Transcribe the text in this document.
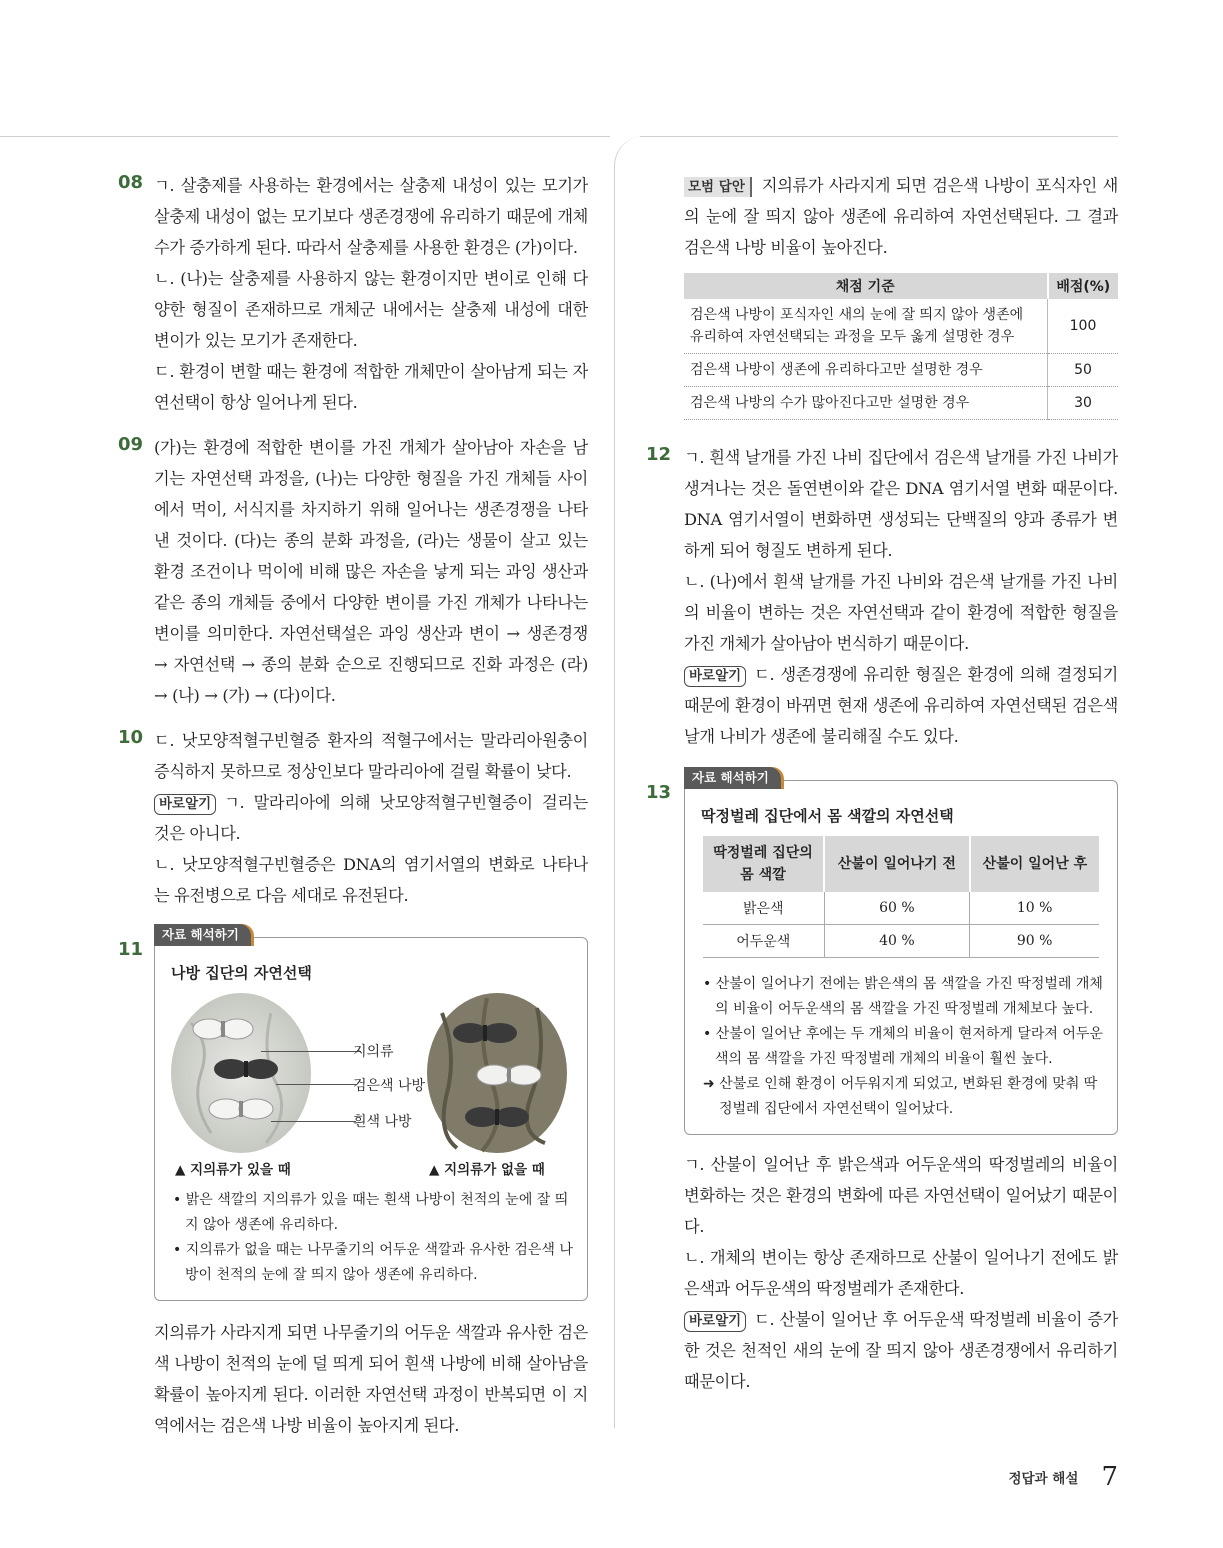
08 ㄱ. 살충제를 사용하는 환경에서는 살충제 내성이 있는 모기가 살충제 내성이 없는 모기보다 생존경쟁에 유리하기 때문에 개체 수가 증가하게 된다. 따라서 살충제를 사용한 환경은 (가)이다.

ㄴ. (나)는 살충제를 사용하지 않는 환경이지만 변이로 인해 다양한 형질이 존재하므로 개체군 내에서는 살충제 내성에 대한 변이가 있는 모기가 존재한다.

ㄷ. 환경이 변할 때는 환경에 적합한 개체만이 살아남게 되는 자연선택이 항상 일어나게 된다.

09 (가)는 환경에 적합한 변이를 가진 개체가 살아남아 자손을 남기는 자연선택 과정을, (나)는 다양한 형질을 가진 개체들 사이에서 먹이, 서식지를 차지하기 위해 일어나는 생존경쟁을 나타낸 것이다. (다)는 종의 분화 과정을, (라)는 생물이 살고 있는 환경 조건이나 먹이에 비해 많은 자손을 낳게 되는 과잉 생산과 같은 종의 개체들 중에서 다양한 변이를 가진 개체가 나타나는 변이를 의미한다. 자연선택설은 과잉 생산과 변이 → 생존경쟁 → 자연선택 → 종의 분화 순으로 진행되므로 진화 과정은 (라) → (나) → (가) → (다)이다.

10 ㄷ. 낫모양적혈구빈혈증 환자의 적혈구에서는 말라리아원충이 증식하지 못하므로 정상인보다 말라리아에 걸릴 확률이 낮다.

바로알기 ㄱ. 말라리아에 의해 낫모양적혈구빈혈증이 걸리는 것은 아니다.

ㄴ. 낫모양적혈구빈혈증은 DNA의 염기서열의 변화로 나타나는 유전병으로 다음 세대로 유전된다.

11
자료 해석하기
나방 집단의 자연선택
지의류
검은색 나방
흰색 나방
▲ 지의류가 있을 때	▲ 지의류가 없을 때

• 밝은 색깔의 지의류가 있을 때는 흰색 나방이 천적의 눈에 잘 띄지 않아 생존에 유리하다.

• 지의류가 없을 때는 나무줄기의 어두운 색깔과 유사한 검은색 나방이 천적의 눈에 잘 띄지 않아 생존에 유리하다.

지의류가 사라지게 되면 나무줄기의 어두운 색깔과 유사한 검은색 나방이 천적의 눈에 덜 띄게 되어 흰색 나방에 비해 살아남을 확률이 높아지게 된다. 이러한 자연선택 과정이 반복되면 이 지역에서는 검은색 나방 비율이 높아지게 된다.

모범 답안 지의류가 사라지게 되면 검은색 나방이 포식자인 새의 눈에 잘 띄지 않아 생존에 유리하여 자연선택된다. 그 결과 검은색 나방 비율이 높아진다.

채점 기준	배점(%)
검은색 나방이 포식자인 새의 눈에 잘 띄지 않아 생존에 유리하여 자연선택되는 과정을 모두 옳게 설명한 경우	100
검은색 나방이 생존에 유리하다고만 설명한 경우	50
검은색 나방의 수가 많아진다고만 설명한 경우	30
12 ㄱ. 흰색 날개를 가진 나비 집단에서 검은색 날개를 가진 나비가 생겨나는 것은 돌연변이와 같은 DNA 염기서열 변화 때문이다. DNA 염기서열이 변화하면 생성되는 단백질의 양과 종류가 변하게 되어 형질도 변하게 된다.

ㄴ. (나)에서 흰색 날개를 가진 나비와 검은색 날개를 가진 나비의 비율이 변하는 것은 자연선택과 같이 환경에 적합한 형질을 가진 개체가 살아남아 번식하기 때문이다.

바로알기 ㄷ. 생존경쟁에 유리한 형질은 환경에 의해 결정되기 때문에 환경이 바뀌면 현재 생존에 유리하여 자연선택된 검은색 날개 나비가 생존에 불리해질 수도 있다.

13
자료 해석하기
딱정벌레 집단에서 몸 색깔의 자연선택
딱정벌레 집단의 몸 색깔	산불이 일어나기 전	산불이 일어난 후
밝은색	60 %	10 %
어두운색	40 %	90 %

• 산불이 일어나기 전에는 밝은색의 몸 색깔을 가진 딱정벌레 개체의 비율이 어두운색의 몸 색깔을 가진 딱정벌레 개체보다 높다.

• 산불이 일어난 후에는 두 개체의 비율이 현저하게 달라져 어두운색의 몸 색깔을 가진 딱정벌레 개체의 비율이 훨씬 높다.

➜ 산불로 인해 환경이 어두워지게 되었고, 변화된 환경에 맞춰 딱정벌레 집단에서 자연선택이 일어났다.

ㄱ. 산불이 일어난 후 밝은색과 어두운색의 딱정벌레의 비율이 변화하는 것은 환경의 변화에 따른 자연선택이 일어났기 때문이다.

ㄴ. 개체의 변이는 항상 존재하므로 산불이 일어나기 전에도 밝은색과 어두운색의 딱정벌레가 존재한다.

바로알기 ㄷ. 산불이 일어난 후 어두운색 딱정벌레 비율이 증가한 것은 천적인 새의 눈에 잘 띄지 않아 생존경쟁에서 유리하기 때문이다.

정답과 해설 7
